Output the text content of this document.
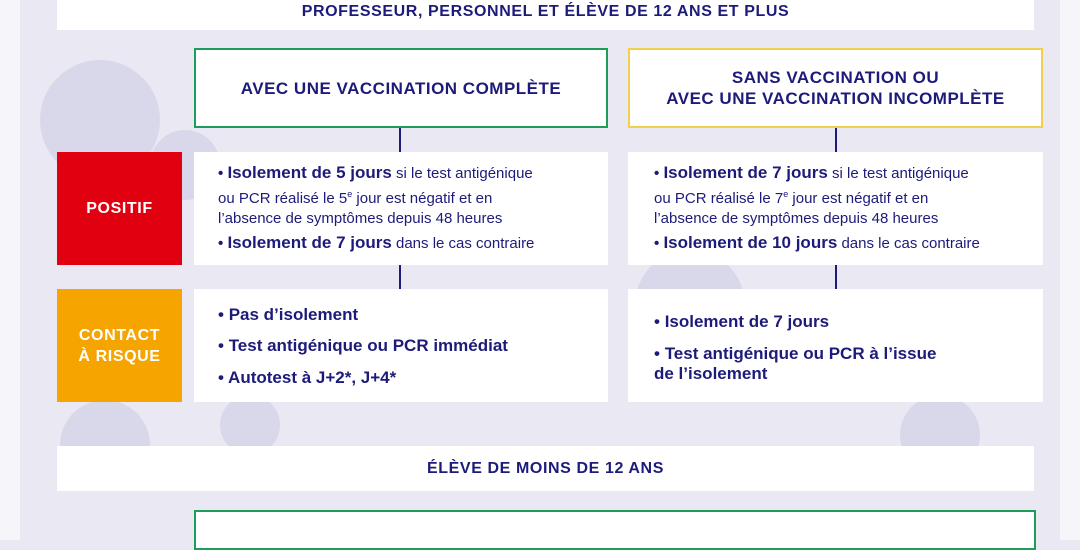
PROFESSEUR, PERSONNEL ET ÉLÈVE DE 12 ANS ET PLUS
AVEC UNE VACCINATION COMPLÈTE
SANS VACCINATION OU
AVEC UNE VACCINATION INCOMPLÈTE
POSITIF
CONTACT
À RISQUE
• Isolement de 5 jours si le test antigénique
ou PCR réalisé le 5e jour est négatif et en
l’absence de symptômes depuis 48 heures
• Isolement de 7 jours dans le cas contraire
• Isolement de 7 jours si le test antigénique
ou PCR réalisé le 7e jour est négatif et en
l’absence de symptômes depuis 48 heures
• Isolement de 10 jours dans le cas contraire
• Pas d’isolement
• Test antigénique ou PCR immédiat
• Autotest à J+2*, J+4*
• Isolement de 7 jours
• Test antigénique ou PCR à l’issue
de l’isolement
ÉLÈVE DE MOINS DE 12 ANS
